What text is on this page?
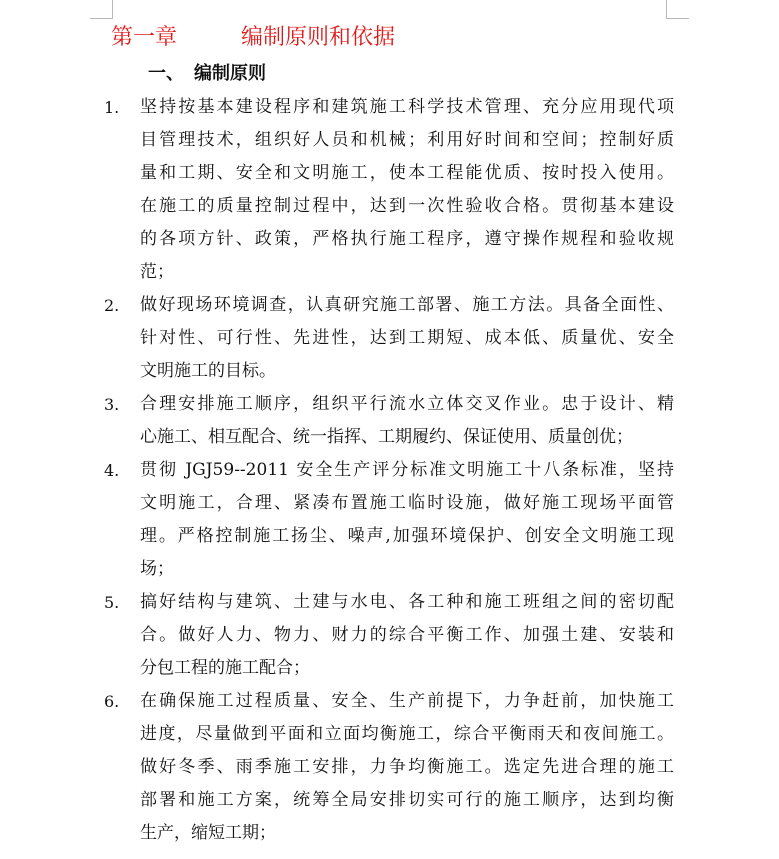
第一章	编制原则和依据
一、 编制原则
1.	坚持按基本建设程序和建筑施工科学技术管理、充分应用现代项
目管理技术，组织好人员和机械；利用好时间和空间；控制好质
量和工期、安全和文明施工，使本工程能优质、按时投入使用。
在施工的质量控制过程中，达到一次性验收合格。贯彻基本建设
的各项方针、政策，严格执行施工程序，遵守操作规程和验收规
范；
2.	做好现场环境调查，认真研究施工部署、施工方法。具备全面性、
针对性、可行性、先进性，达到工期短、成本低、质量优、安全
文明施工的目标。
3.	合理安排施工顺序，组织平行流水立体交叉作业。忠于设计、精
心施工、相互配合、统一指挥、工期履约、保证使用、质量创优；
4.	贯彻 JGJ59--2011 安全生产评分标准文明施工十八条标准，坚持
文明施工，合理、紧凑布置施工临时设施，做好施工现场平面管
理。严格控制施工扬尘、噪声,加强环境保护、创安全文明施工现
场；
5.	搞好结构与建筑、土建与水电、各工种和施工班组之间的密切配
合。做好人力、物力、财力的综合平衡工作、加强土建、安装和
分包工程的施工配合；
6.	在确保施工过程质量、安全、生产前提下，力争赶前，加快施工
进度，尽量做到平面和立面均衡施工，综合平衡雨天和夜间施工。
做好冬季、雨季施工安排，力争均衡施工。选定先进合理的施工
部署和施工方案，统筹全局安排切实可行的施工顺序，达到均衡
生产，缩短工期；
